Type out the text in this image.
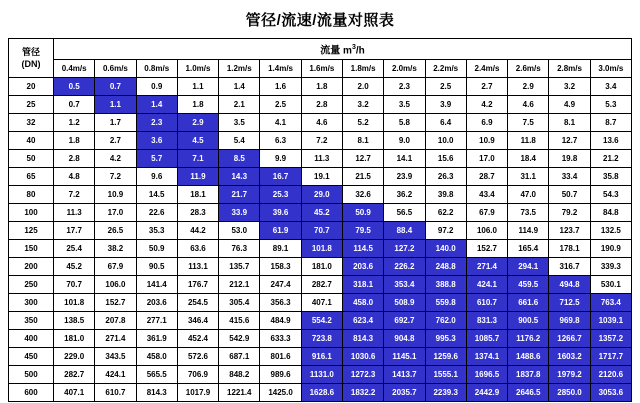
管径/流速/流量对照表
管径
(DN)	流量 $m^3/h$													
	0.4m/s	0.6m/s	0.8m/s	1.0m/s	1.2m/s	1.4m/s	1.6m/s	1.8m/s	2.0m/s	2.2m/s	2.4m/s	2.6m/s	2.8m/s	3.0m/s
20	0.5	0.7	0.9	1.1	1.4	1.6	1.8	2.0	2.3	2.5	2.7	2.9	3.2	3.4
25	0.7	1.1	1.4	1.8	2.1	2.5	2.8	3.2	3.5	3.9	4.2	4.6	4.9	5.3
32	1.2	1.7	2.3	2.9	3.5	4.1	4.6	5.2	5.8	6.4	6.9	7.5	8.1	8.7
40	1.8	2.7	3.6	4.5	5.4	6.3	7.2	8.1	9.0	10.0	10.9	11.8	12.7	13.6
50	2.8	4.2	5.7	7.1	8.5	9.9	11.3	12.7	14.1	15.6	17.0	18.4	19.8	21.2
65	4.8	7.2	9.6	11.9	14.3	16.7	19.1	21.5	23.9	26.3	28.7	31.1	33.4	35.8
80	7.2	10.9	14.5	18.1	21.7	25.3	29.0	32.6	36.2	39.8	43.4	47.0	50.7	54.3
100	11.3	17.0	22.6	28.3	33.9	39.6	45.2	50.9	56.5	62.2	67.9	73.5	79.2	84.8
125	17.7	26.5	35.3	44.2	53.0	61.9	70.7	79.5	88.4	97.2	106.0	114.9	123.7	132.5
150	25.4	38.2	50.9	63.6	76.3	89.1	101.8	114.5	127.2	140.0	152.7	165.4	178.1	190.9
200	45.2	67.9	90.5	113.1	135.7	158.3	181.0	203.6	226.2	248.8	271.4	294.1	316.7	339.3
250	70.7	106.0	141.4	176.7	212.1	247.4	282.7	318.1	353.4	388.8	424.1	459.5	494.8	530.1
300	101.8	152.7	203.6	254.5	305.4	356.3	407.1	458.0	508.9	559.8	610.7	661.6	712.5	763.4
350	138.5	207.8	277.1	346.4	415.6	484.9	554.2	623.4	692.7	762.0	831.3	900.5	969.8	1039.1
400	181.0	271.4	361.9	452.4	542.9	633.3	723.8	814.3	904.8	995.3	1085.7	1176.2	1266.7	1357.2
450	229.0	343.5	458.0	572.6	687.1	801.6	916.1	1030.6	1145.1	1259.6	1374.1	1488.6	1603.2	1717.7
500	282.7	424.1	565.5	706.9	848.2	989.6	1131.0	1272.3	1413.7	1555.1	1696.5	1837.8	1979.2	2120.6
600	407.1	610.7	814.3	1017.9	1221.4	1425.0	1628.6	1832.2	2035.7	2239.3	2442.9	2646.5	2850.0	3053.6
